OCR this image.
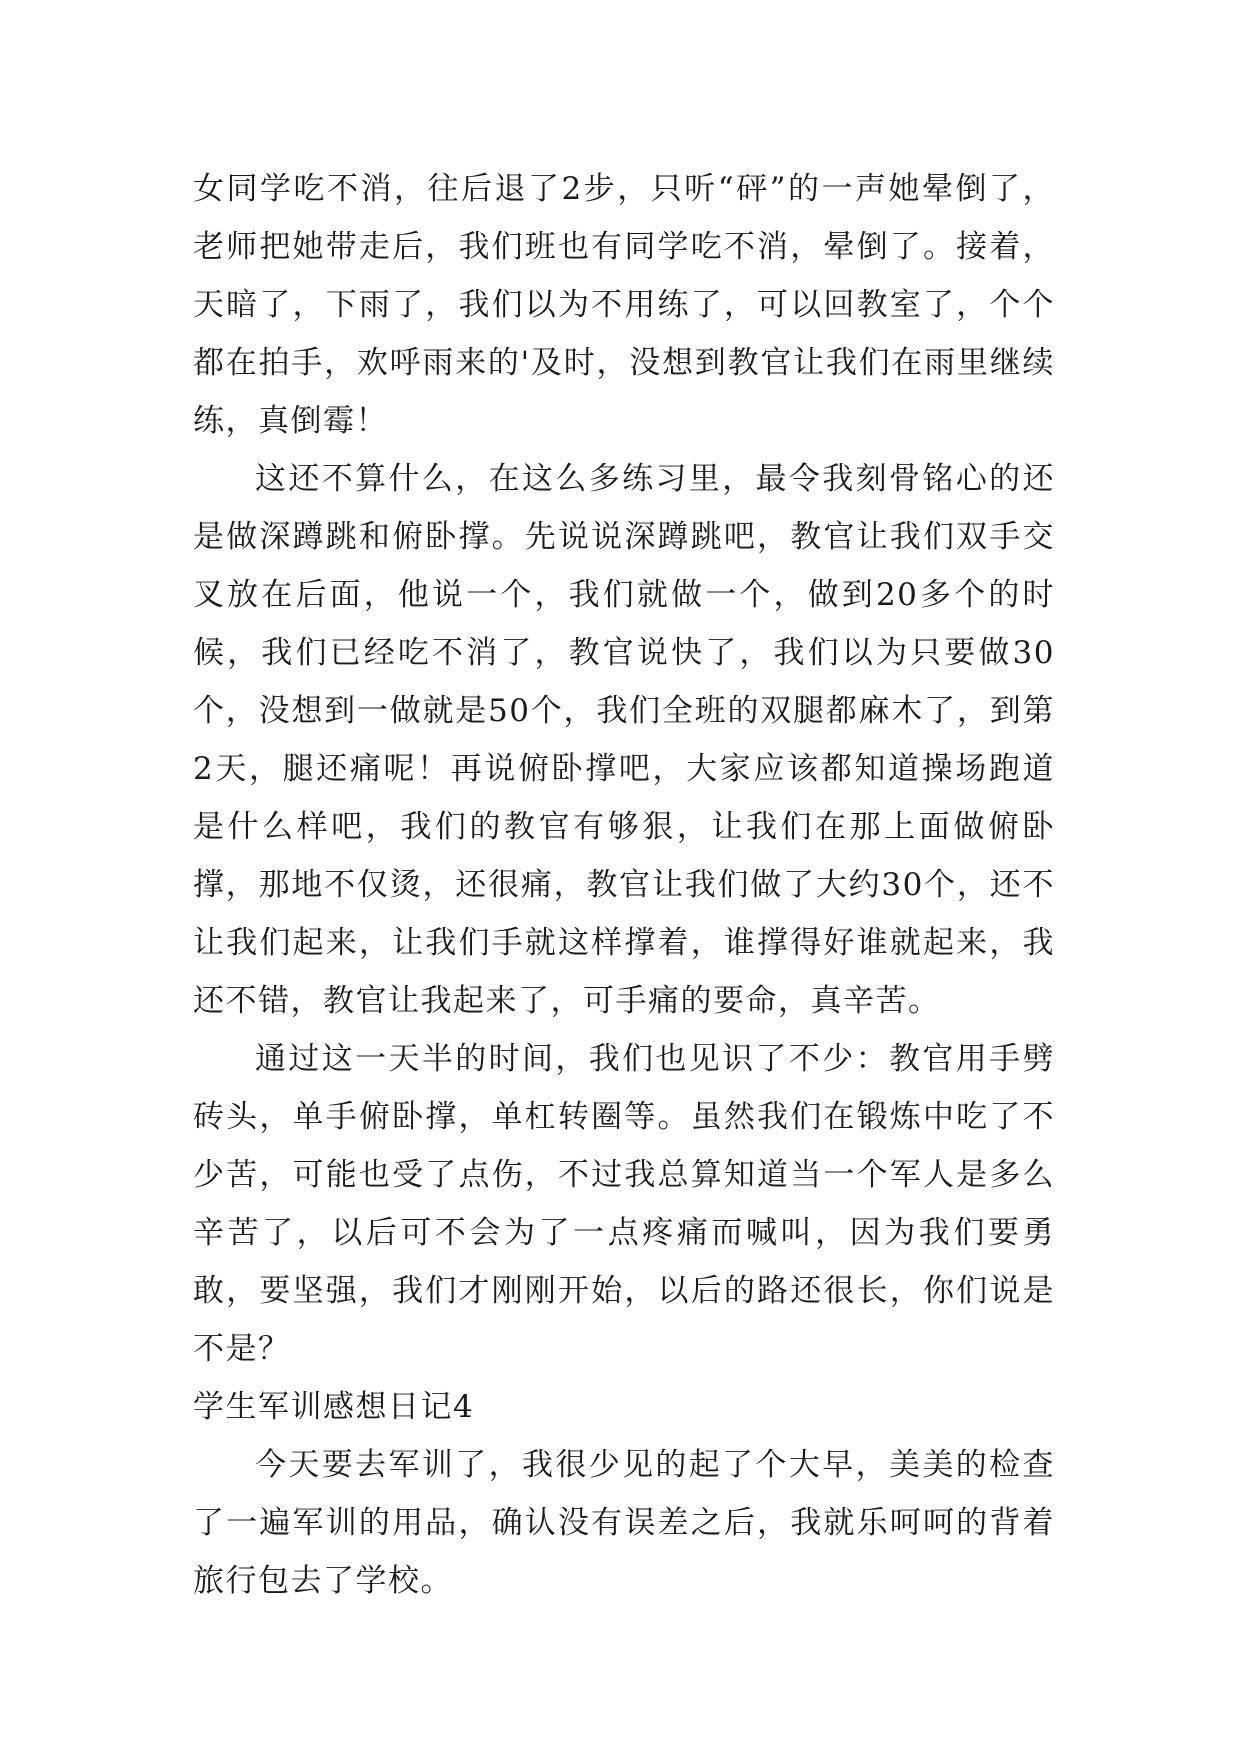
女同学吃不消，往后退了2步，只听“砰”的一声她晕倒了，老师把她带走后，我们班也有同学吃不消，晕倒了。接着，天暗了，下雨了，我们以为不用练了，可以回教室了，个个都在拍手，欢呼雨来的'及时，没想到教官让我们在雨里继续练，真倒霉！

这还不算什么，在这么多练习里，最令我刻骨铭心的还是做深蹲跳和俯卧撑。先说说深蹲跳吧，教官让我们双手交叉放在后面，他说一个，我们就做一个，做到20多个的时候，我们已经吃不消了，教官说快了，我们以为只要做30个，没想到一做就是50个，我们全班的双腿都麻木了，到第2天，腿还痛呢！再说俯卧撑吧，大家应该都知道操场跑道是什么样吧，我们的教官有够狠，让我们在那上面做俯卧撑，那地不仅烫，还很痛，教官让我们做了大约30个，还不让我们起来，让我们手就这样撑着，谁撑得好谁就起来，我还不错，教官让我起来了，可手痛的要命，真辛苦。

通过这一天半的时间，我们也见识了不少：教官用手劈砖头，单手俯卧撑，单杠转圈等。虽然我们在锻炼中吃了不少苦，可能也受了点伤，不过我总算知道当一个军人是多么辛苦了，以后可不会为了一点疼痛而喊叫，因为我们要勇敢，要坚强，我们才刚刚开始，以后的路还很长，你们说是不是？

学生军训感想日记4

今天要去军训了，我很少见的起了个大早，美美的检查了一遍军训的用品，确认没有误差之后，我就乐呵呵的背着旅行包去了学校。
